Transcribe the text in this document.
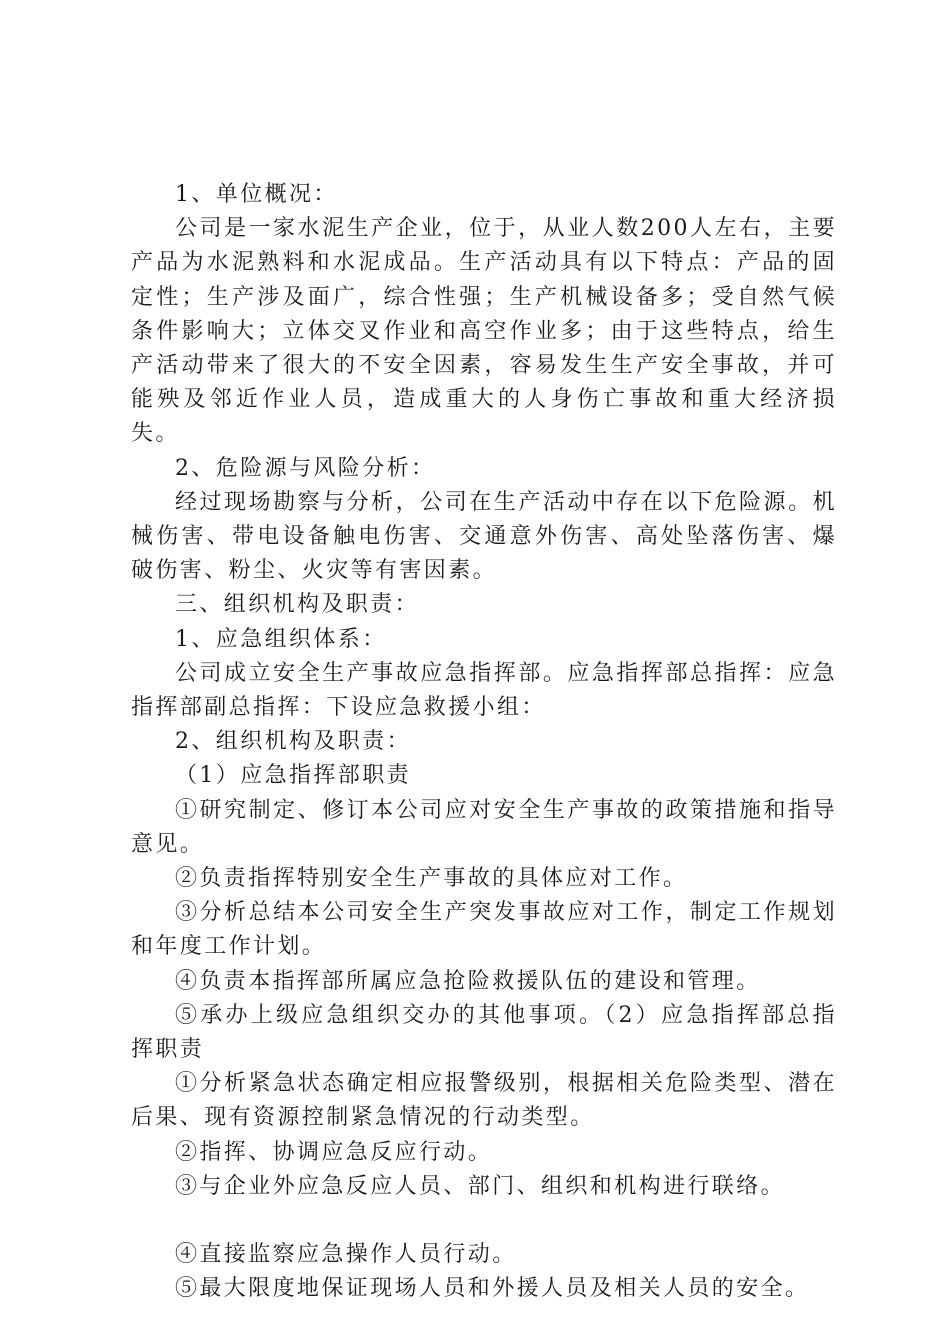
1、单位概况：

公司是一家水泥生产企业，位于，从业人数200人左右，主要产品为水泥熟料和水泥成品。生产活动具有以下特点：产品的固定性；生产涉及面广，综合性强；生产机械设备多；受自然气候条件影响大；立体交叉作业和高空作业多；由于这些特点，给生产活动带来了很大的不安全因素，容易发生生产安全事故，并可能殃及邻近作业人员，造成重大的人身伤亡事故和重大经济损失。

2、危险源与风险分析：

经过现场勘察与分析，公司在生产活动中存在以下危险源。机械伤害、带电设备触电伤害、交通意外伤害、高处坠落伤害、爆破伤害、粉尘、火灾等有害因素。

三、组织机构及职责：

1、应急组织体系：

公司成立安全生产事故应急指挥部。应急指挥部总指挥：应急指挥部副总指挥：下设应急救援小组：

2、组织机构及职责：

（1）应急指挥部职责

①研究制定、修订本公司应对安全生产事故的政策措施和指导意见。

②负责指挥特别安全生产事故的具体应对工作。

③分析总结本公司安全生产突发事故应对工作，制定工作规划和年度工作计划。

④负责本指挥部所属应急抢险救援队伍的建设和管理。

⑤承办上级应急组织交办的其他事项。（2）应急指挥部总指挥职责

①分析紧急状态确定相应报警级别，根据相关危险类型、潜在后果、现有资源控制紧急情况的行动类型。

②指挥、协调应急反应行动。

③与企业外应急反应人员、部门、组织和机构进行联络。

④直接监察应急操作人员行动。

⑤最大限度地保证现场人员和外援人员及相关人员的安全。
